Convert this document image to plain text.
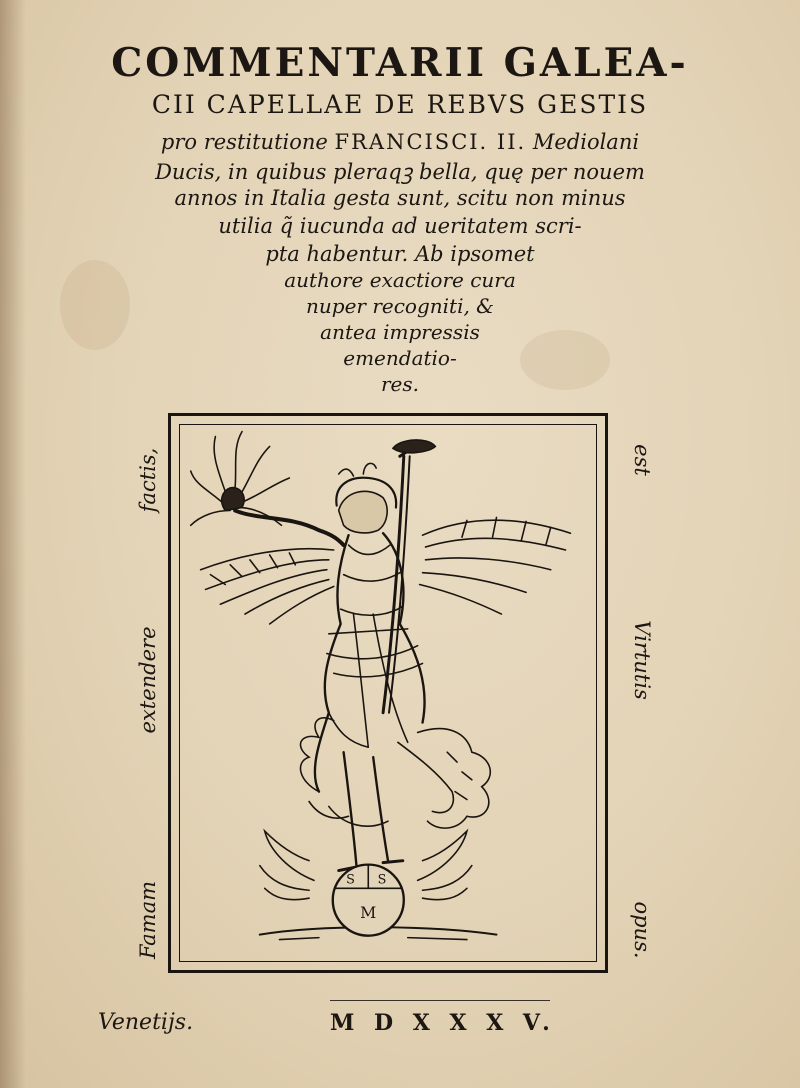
COMMENTARII GALEA-
CII CAPELLAE DE REBVS GESTIS
pro restitutione FRANCISCI. II. Mediolani
Ducis, in quibus pleraqꝫ bella, quę per nouem
annos in Italia gesta sunt, scitu non minus
utilia q̃ iucunda ad ueritatem scri-
pta habentur. Ab ipsomet
authore exactiore cura
nuper recogniti, &
antea impressis
emendatio-
res.
factis,
extendere
Famam
est
Virtutis
opus.
S S
M
Venetijs.	M D X X X V.
